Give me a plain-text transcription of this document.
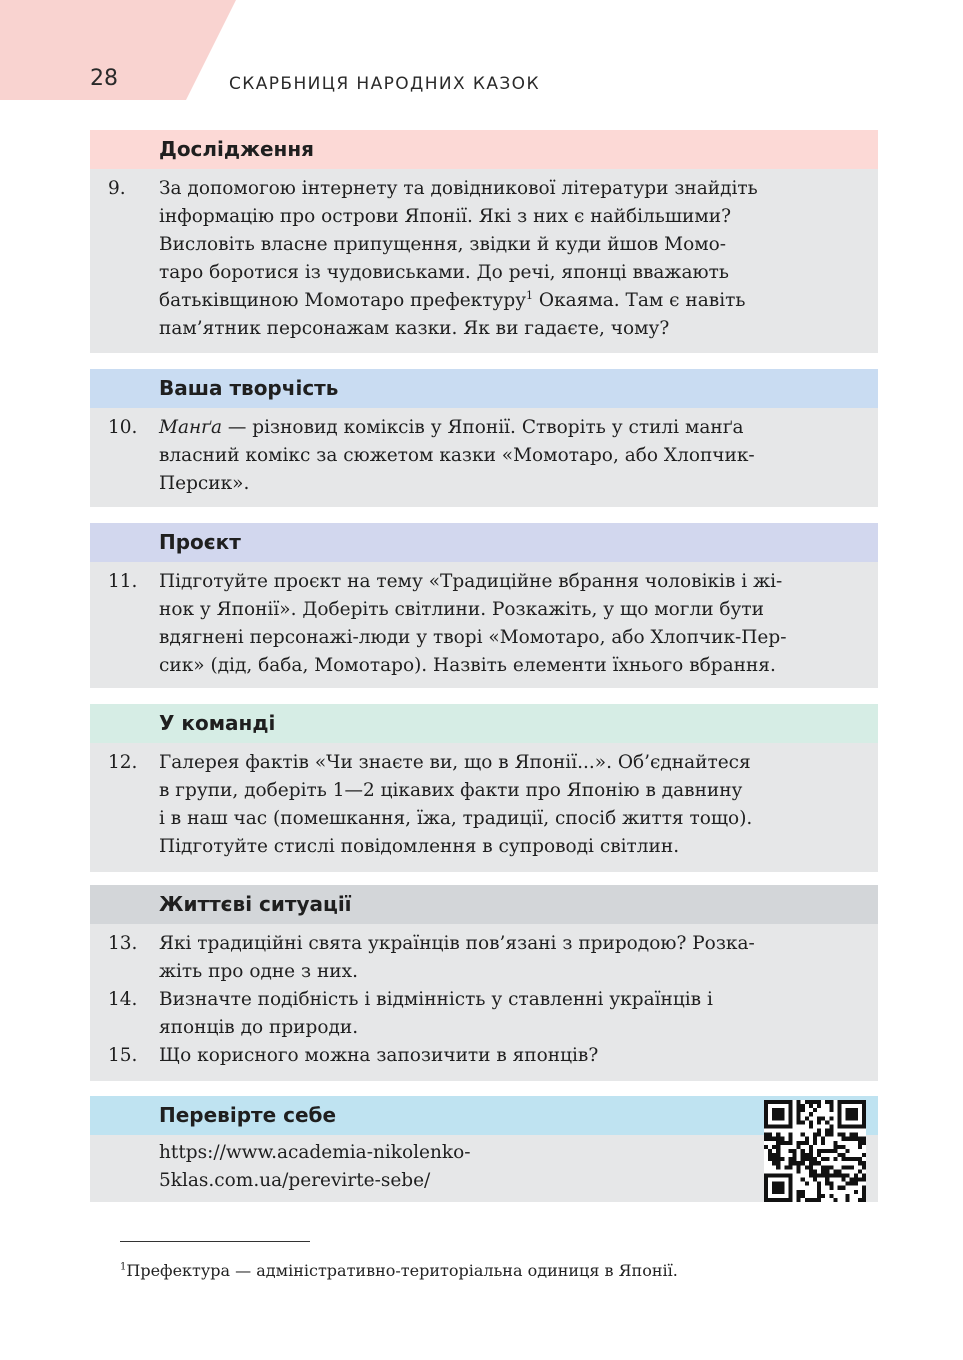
28	СКАРБНИЦЯ НАРОДНИХ КАЗОК
Дослідження
9.	За допомогою інтернету та довідникової літератури знайдіть
інформацію про острови Японії. Які з них є найбільшими?
Висловіть власне припущення, звідки й куди йшов Момо-
таро боротися із чудовиськами. До речі, японці вважають
батьківщиною Момотаро префектуру$^1$ Окаяма. Там є навіть
пам’ятник персонажам казки. Як ви гадаєте, чому?
Ваша творчість
10.	Манґа — різновид коміксів у Японії. Створіть у стилі манґа
власний комікс за сюжетом казки «Момотаро, або Хлопчик-
Персик».
Проєкт
11.	Підготуйте проєкт на тему «Традиційне вбрання чоловіків і жі-
нок у Японії». Доберіть світлини. Розкажіть, у що могли бути
вдягнені персонажі-люди у творі «Момотаро, або Хлопчик-Пер-
сик» (дід, баба, Момотаро). Назвіть елементи їхнього вбрання.
У команді
12.	Галерея фактів «Чи знаєте ви, що в Японії...». Об’єднайтеся
в групи, доберіть 1—2 цікавих факти про Японію в давнину
і в наш час (помешкання, їжа, традиції, спосіб життя тощо).
Підготуйте стислі повідомлення в супроводі світлин.
Життєві ситуації
13.	Які традиційні свята українців пов’язані з природою? Розка-
жіть про одне з них.
14.	Визначте подібність і відмінність у ставленні українців і
японців до природи.
15.	Що корисного можна запозичити в японців?
Перевірте себе
https://www.academia-nikolenko-
5klas.com.ua/perevirte-sebe/
$^1$Префектура — адміністративно-територіальна одиниця в Японії.
